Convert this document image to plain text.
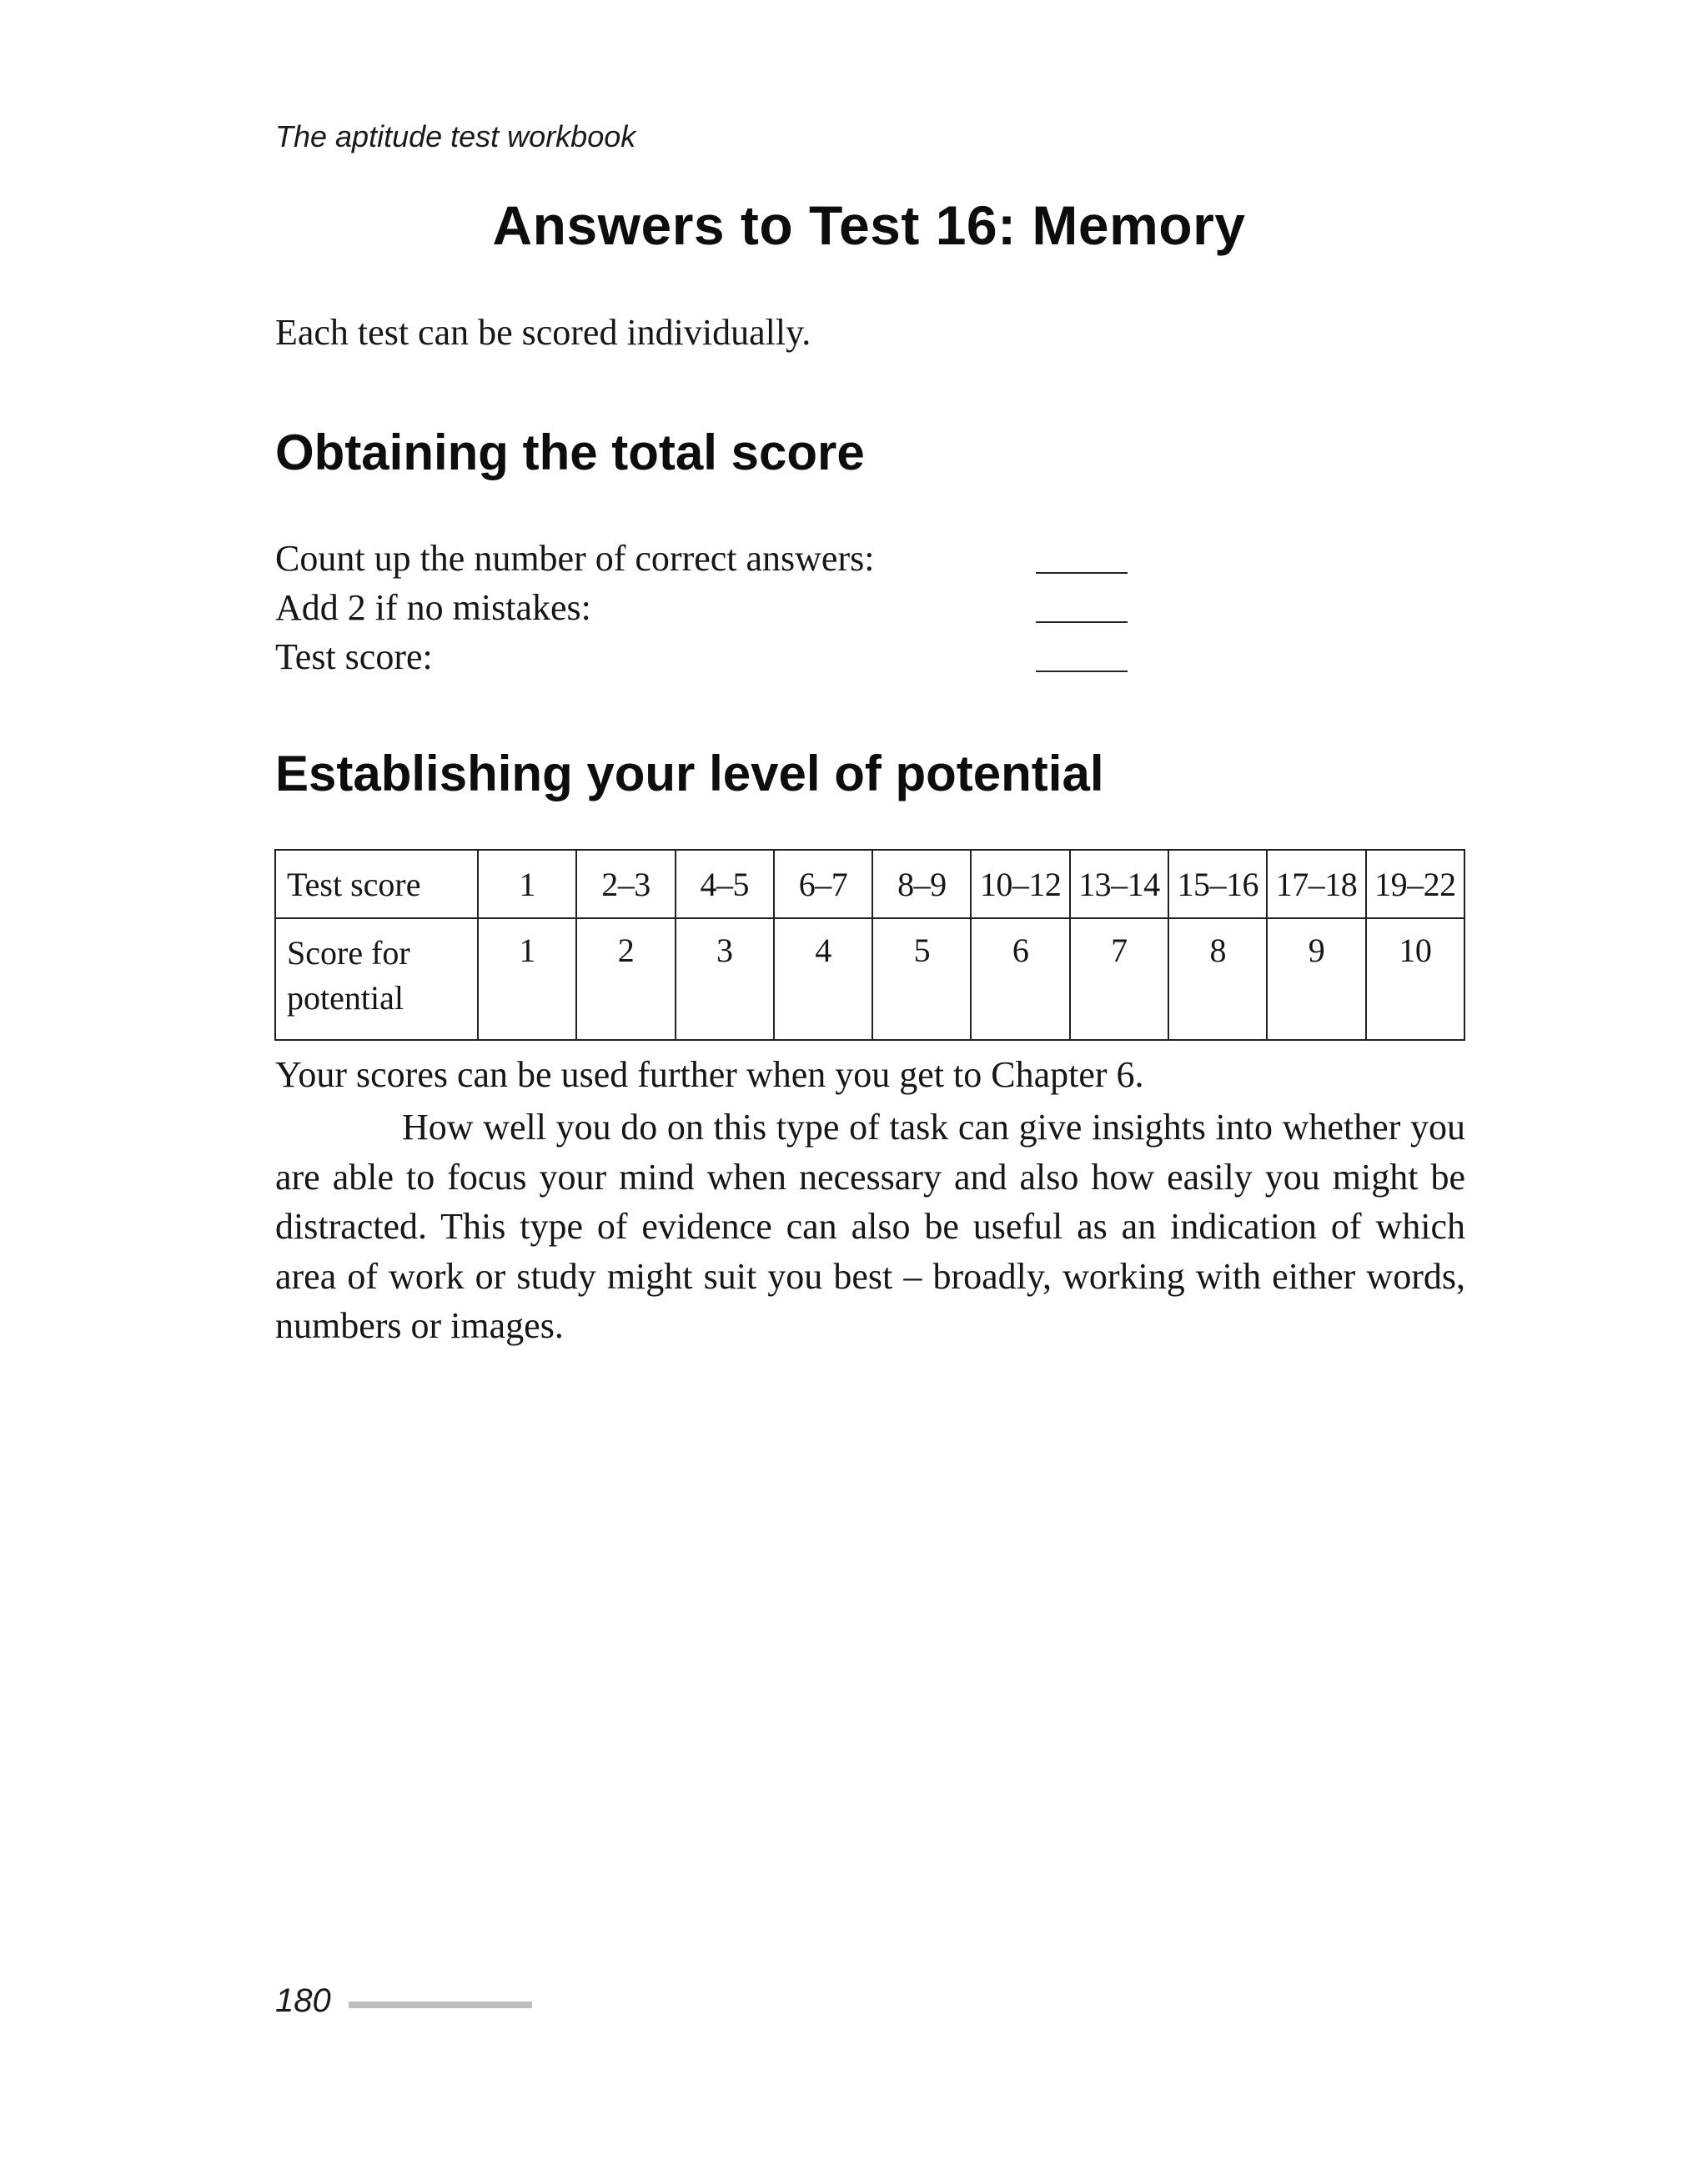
The aptitude test workbook

Answers to Test 16: Memory

Each test can be scored individually.

Obtaining the total score
Count up the number of correct answers:
Add 2 if no mistakes:
Test score:
Establishing your level of potential
Test score	1	2–3	4–5	6–7	8–9	10–12	13–14	15–16	17–18	19–22
Score for
potential	1	2	3	4	5	6	7	8	9	10

Your scores can be used further when you get to Chapter 6.

How well you do on this type of task can give insights into whether you are able to focus your mind when necessary and also how easily you might be distracted. This type of evidence can also be useful as an indication of which area of work or study might suit you best – broadly, working with either words, numbers or images.

180
